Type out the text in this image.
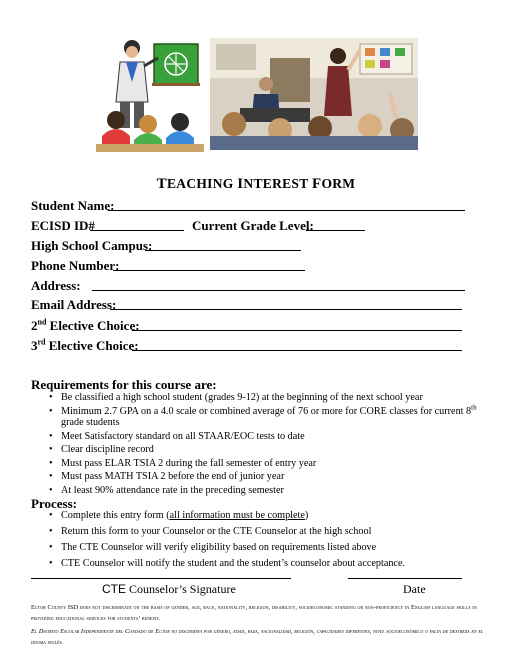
TEACHING INTEREST FORM
Student Name:
ECISD ID#	Current Grade Level:
High School Campus:
Phone Number:
Address:
Email Address:
2nd Elective Choice:
3rd Elective Choice:
Requirements for this course are:
• Be classified a high school student (grades 9-12) at the beginning of the next school year
• Minimum 2.7 GPA on a 4.0 scale or combined average of 76 or more for CORE classes for current 8th grade students
• Meet Satisfactory standard on all STAAR/EOC tests to date
• Clear discipline record
• Must pass ELAR TSIA 2 during the fall semester of entry year
• Must pass MATH TSIA 2 before the end of junior year
• At least 90% attendance rate in the preceding semester
Process:
• Complete this entry form (all information must be complete)
• Return this form to your Counselor or the CTE Counselor at the high school
• The CTE Counselor will verify eligibility based on requirements listed above
• CTE Counselor will notify the student and the student’s counselor about acceptance.
CTE Counselor’s Signature	Date
Ector County ISD does not discriminate on the basis of gender, age, race, nationality, religion, disability, socioeconomic standing or non-proficiency in English language skills in providing educational services for students’ benefit.
El Distrito Escolar Independiente del Condado de Ector no discrimina por género, edad, raza, nacionalidad, religión, capacidades diferentes, nivel socioeconómico o falta de destreza en el idioma inglés.
